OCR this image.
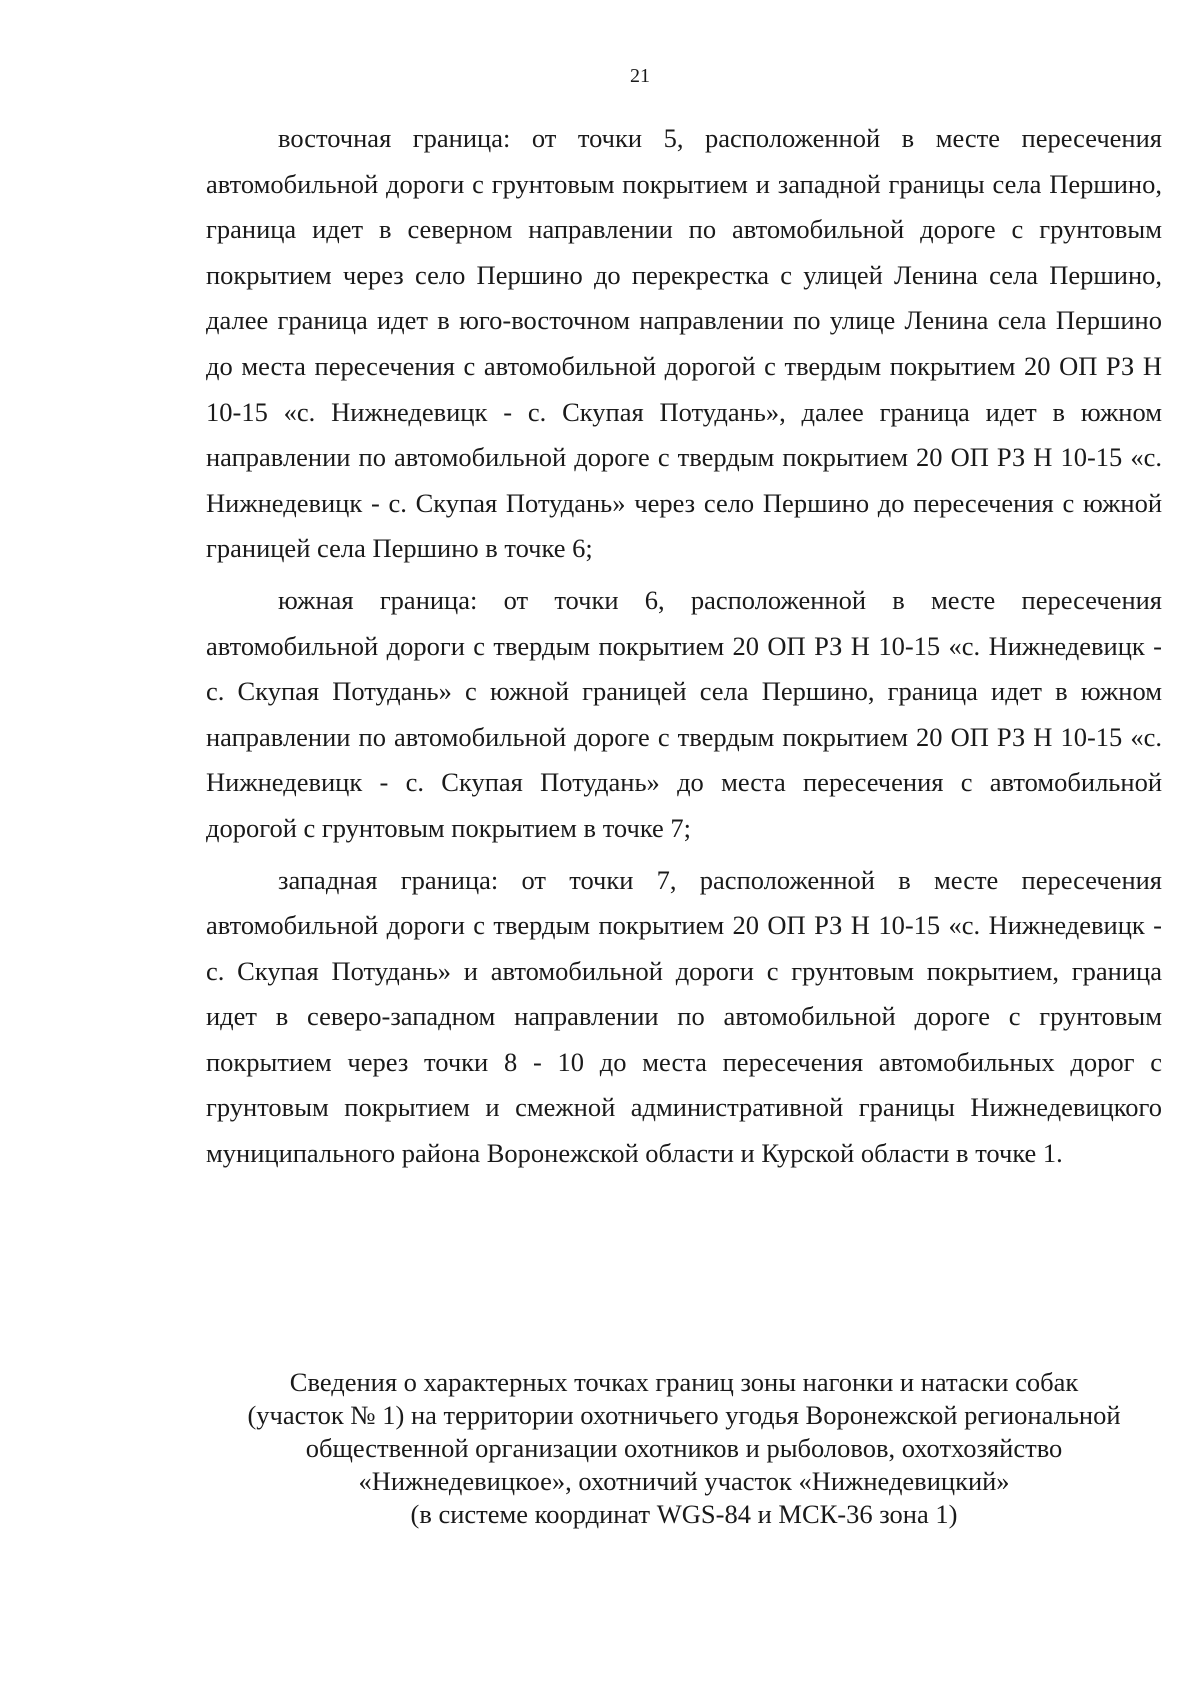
21

восточная граница: от точки 5, расположенной в месте пересечения автомобильной дороги с грунтовым покрытием и западной границы села Першино, граница идет в северном направлении по автомобильной дороге с грунтовым покрытием через село Першино до перекрестка с улицей Ленина села Першино, далее граница идет в юго-восточном направлении по улице Ленина села Першино до места пересечения с автомобильной дорогой с твердым покрытием 20 ОП РЗ Н 10-15 «с. Нижнедевицк - с. Скупая Потудань», далее граница идет в южном направлении по автомобильной дороге с твердым покрытием 20 ОП РЗ Н 10-15 «с. Нижнедевицк - с. Скупая Потудань» через село Першино до пересечения с южной границей села Першино в точке 6;

южная граница: от точки 6, расположенной в месте пересечения автомобильной дороги с твердым покрытием 20 ОП РЗ Н 10-15 «с. Нижнедевицк - с. Скупая Потудань» с южной границей села Першино, граница идет в южном направлении по автомобильной дороге с твердым покрытием 20 ОП РЗ Н 10-15 «с. Нижнедевицк - с. Скупая Потудань» до места пересечения с автомобильной дорогой с грунтовым покрытием в точке 7;

западная граница: от точки 7, расположенной в месте пересечения автомобильной дороги с твердым покрытием 20 ОП РЗ Н 10-15 «с. Нижнедевицк - с. Скупая Потудань» и автомобильной дороги с грунтовым покрытием, граница идет в северо-западном направлении по автомобильной дороге с грунтовым покрытием через точки 8 - 10 до места пересечения автомобильных дорог с грунтовым покрытием и смежной административной границы Нижнедевицкого муниципального района Воронежской области и Курской области в точке 1.

Сведения о характерных точках границ зоны нагонки и натаски собак
(участок № 1) на территории охотничьего угодья Воронежской региональной
общественной организации охотников и рыболовов, охотхозяйство
«Нижнедевицкое», охотничий участок «Нижнедевицкий»
(в системе координат WGS-84 и МСК-36 зона 1)
